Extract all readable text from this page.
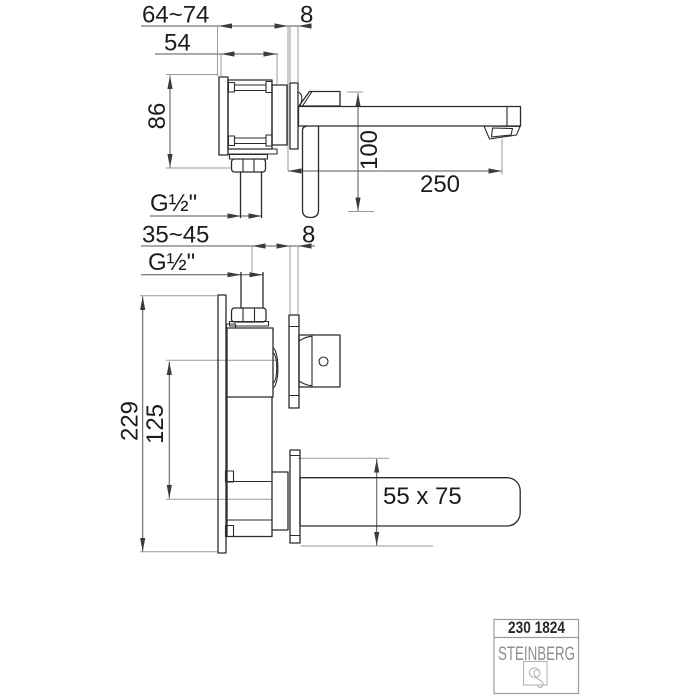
64~74
54
8
86
G½"
100
250
35~45	8
G½"
229
125
55 x 75
230 1824
STEINBERG
